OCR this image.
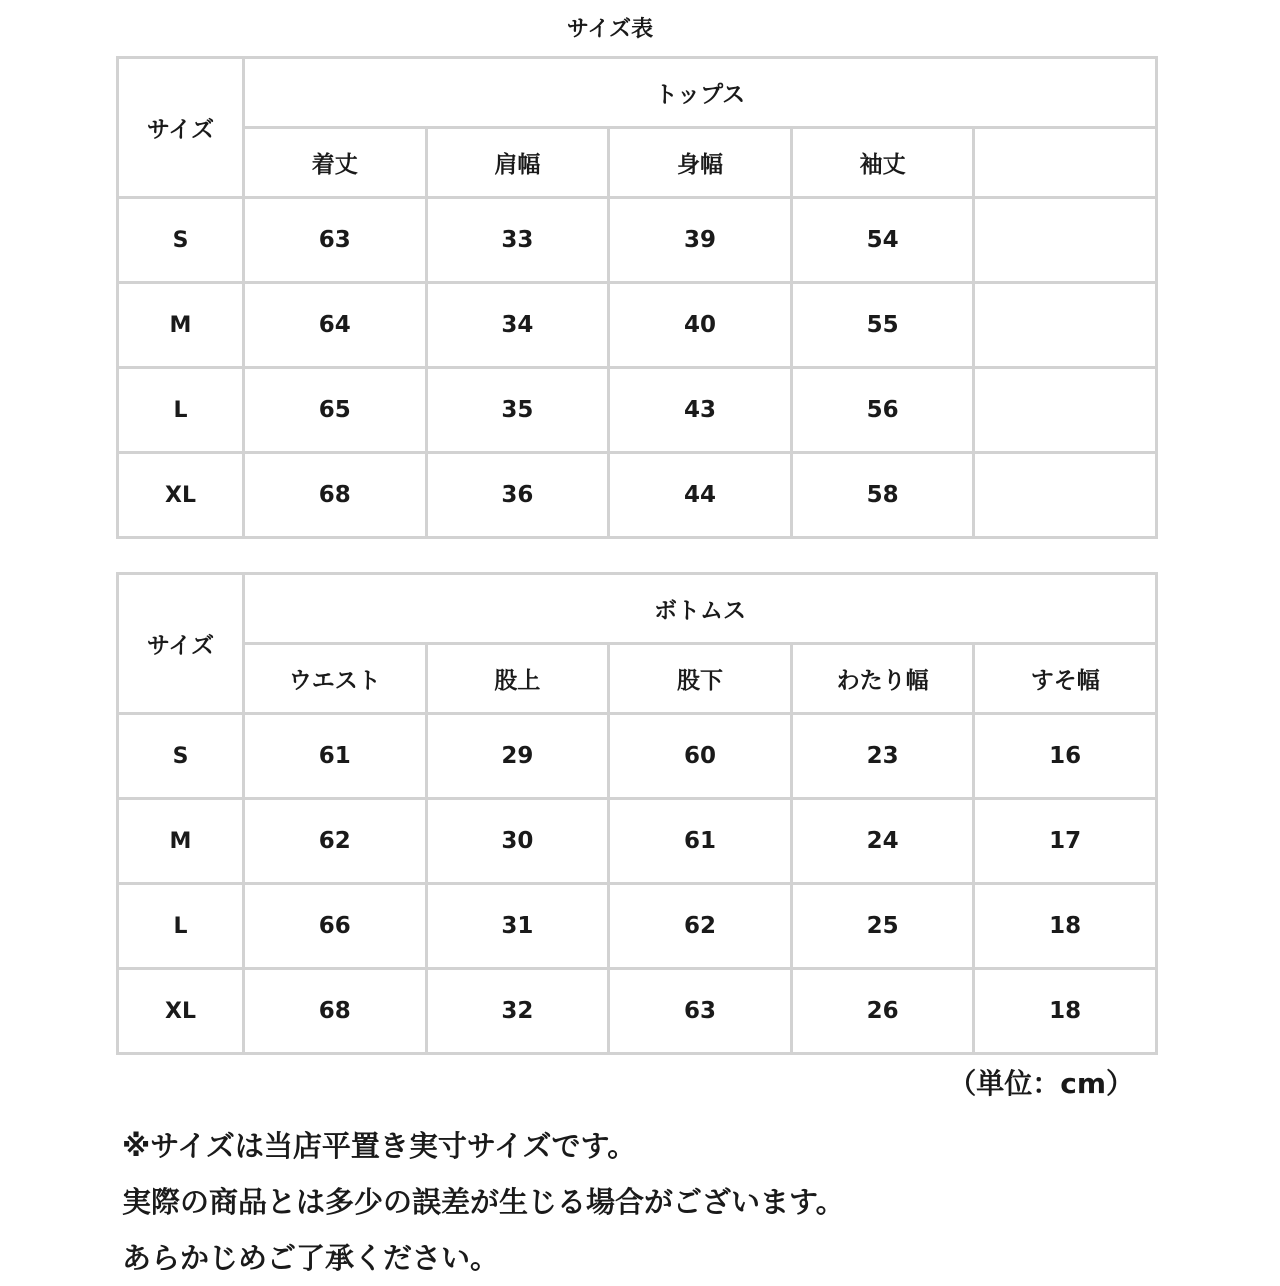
サイズ表
サイズ	トップス				
	着丈	肩幅	身幅	袖丈	
S	63	33	39	54	
M	64	34	40	55	
L	65	35	43	56	
XL	68	36	44	58	
サイズ	ボトムス				
	ウエスト	股上	股下	わたり幅	すそ幅
S	61	29	60	23	16
M	62	30	61	24	17
L	66	31	62	25	18
XL	68	32	63	26	18
（単位：cm）
※サイズは当店平置き実寸サイズです。
実際の商品とは多少の誤差が生じる場合がございます。
あらかじめご了承ください。
